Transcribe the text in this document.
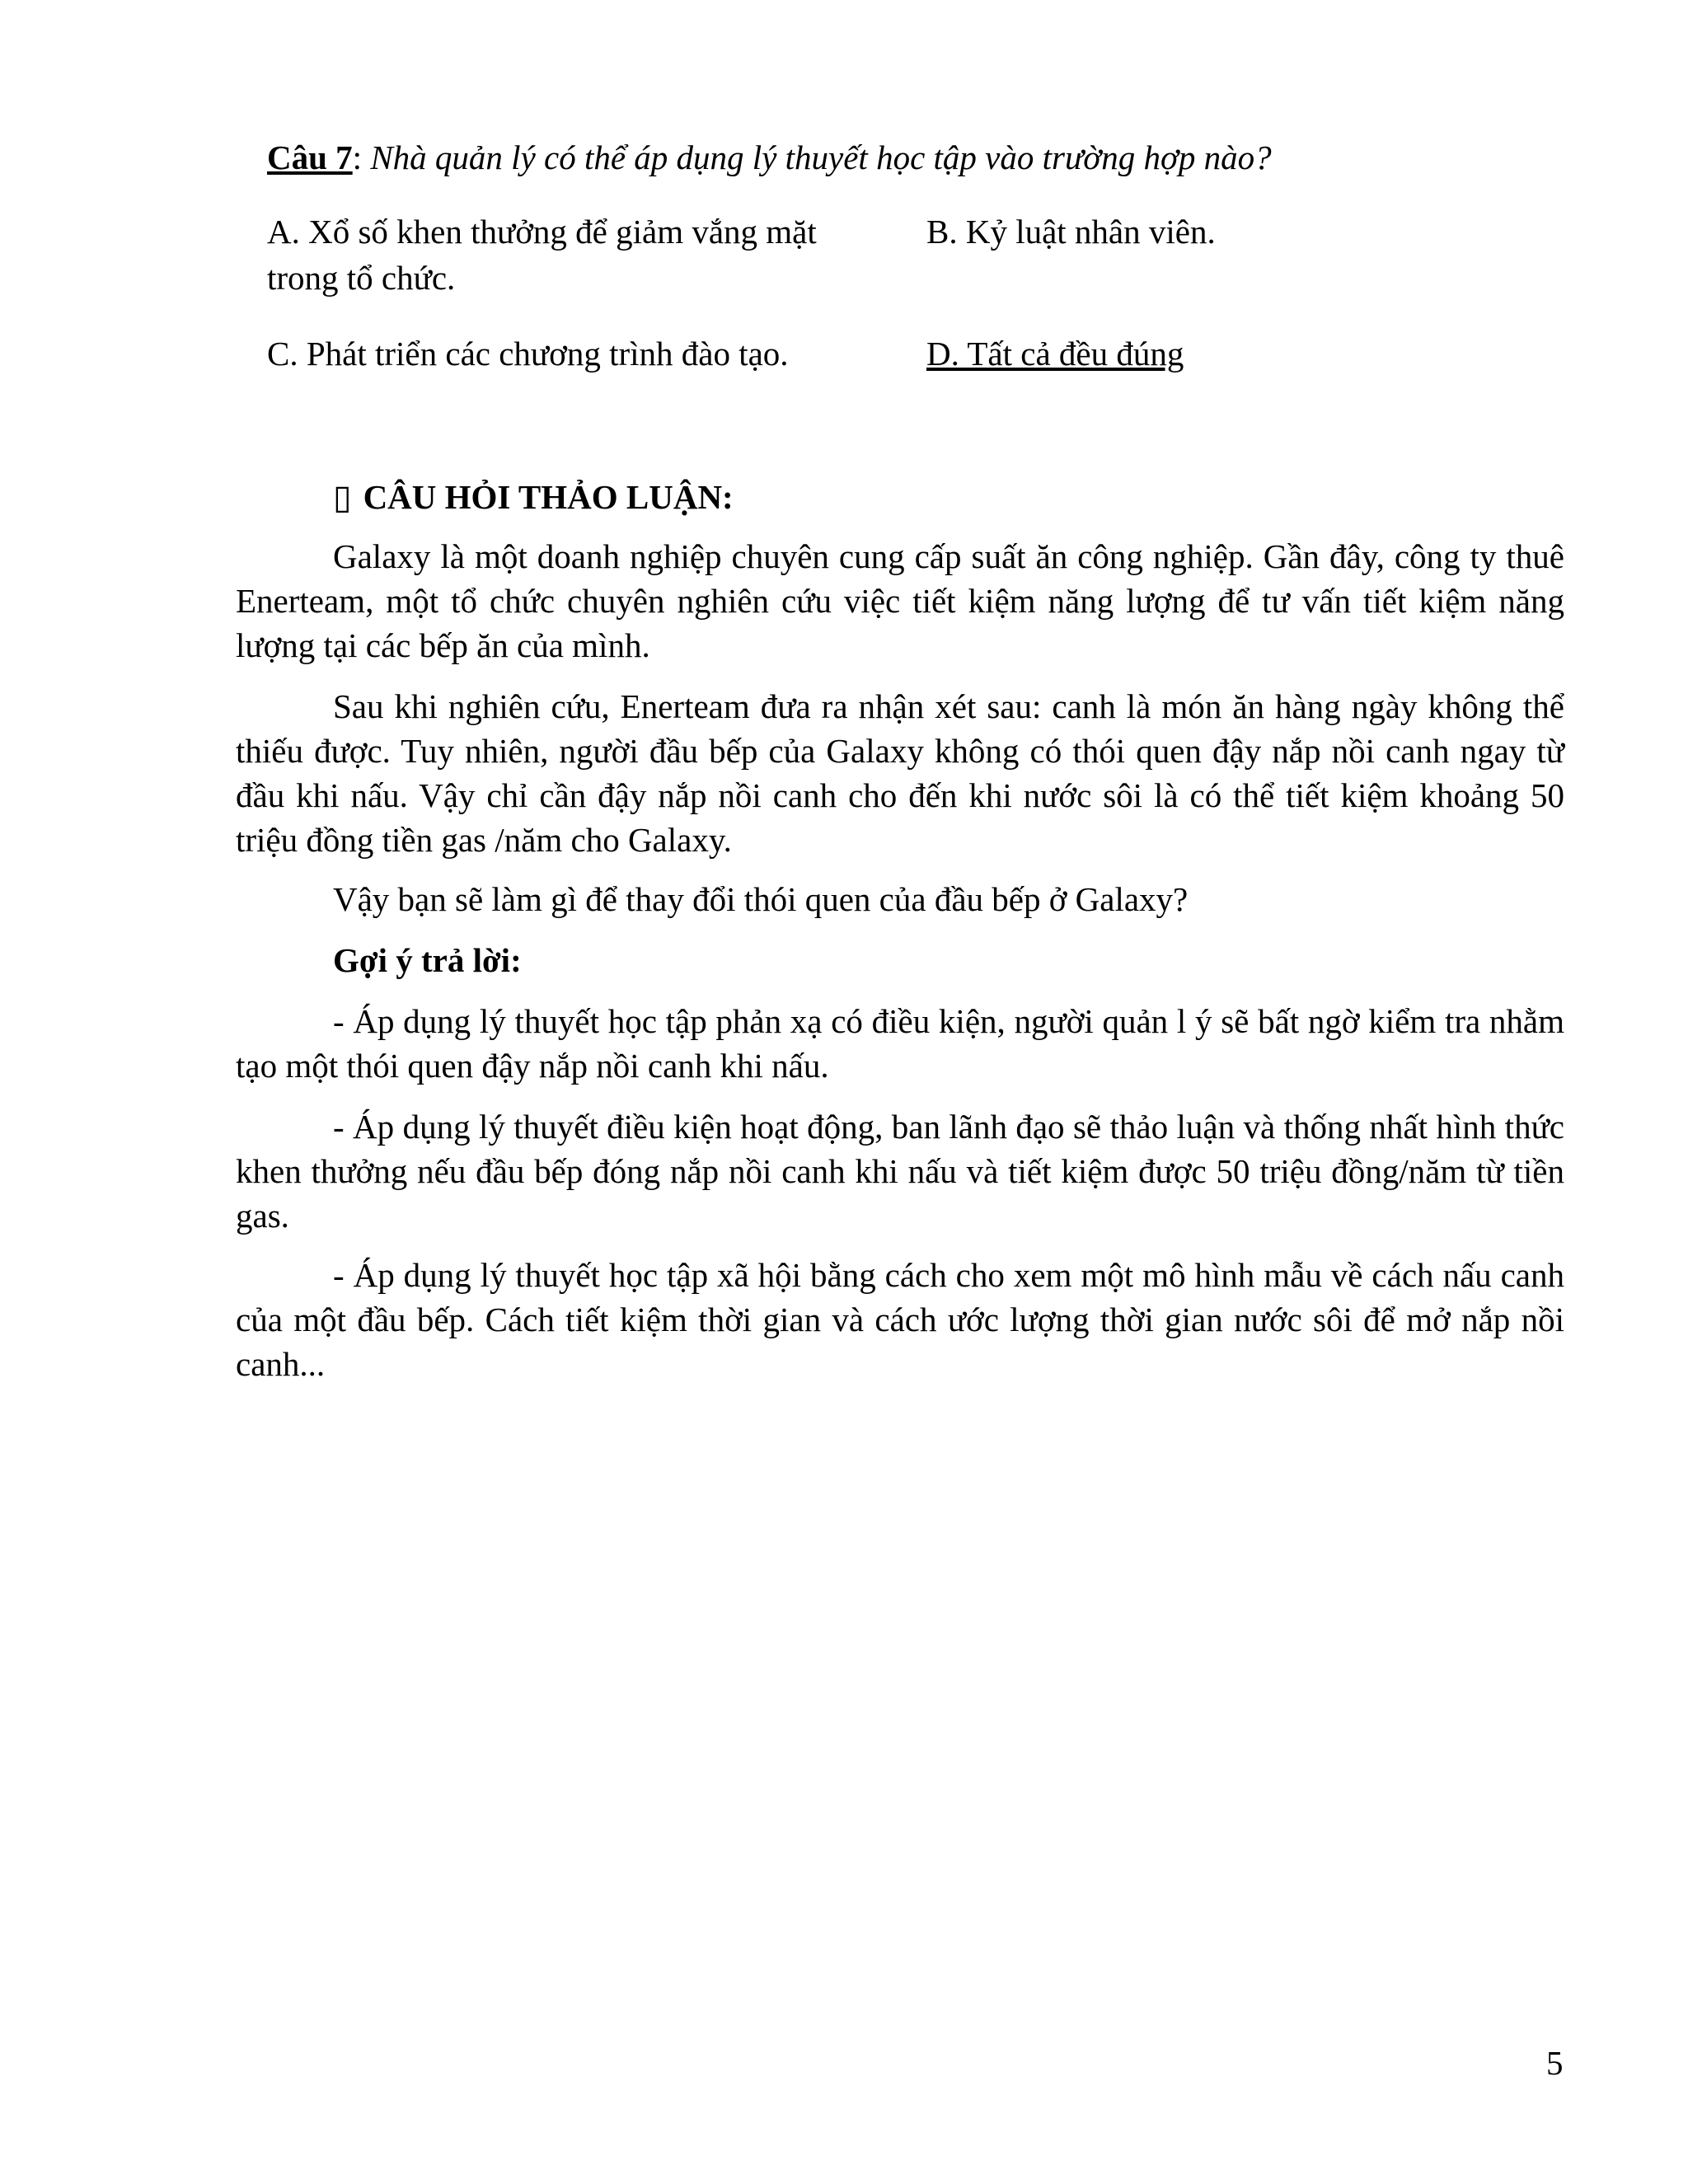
Câu 7: Nhà quản lý có thể áp dụng lý thuyết học tập vào trường hợp nào?
A. Xổ số khen thưởng để giảm vắng mặt	B. Kỷ luật nhân viên.
trong tổ chức.
C. Phát triển các chương trình đào tạo.	D. Tất cả đều đúng
▯ CÂU HỎI THẢO LUẬN:
Galaxy là một doanh nghiệp chuyên cung cấp suất ăn công nghiệp. Gần đây, công ty thuê Enerteam, một tổ chức chuyên nghiên cứu việc tiết kiệm năng lượng để tư vấn tiết kiệm năng lượng tại các bếp ăn của mình.
Sau khi nghiên cứu, Enerteam đưa ra nhận xét sau: canh là món ăn hàng ngày không thể thiếu được. Tuy nhiên, người đầu bếp của Galaxy không có thói quen đậy nắp nồi canh ngay từ đầu khi nấu. Vậy chỉ cần đậy nắp nồi canh cho đến khi nước sôi là có thể tiết kiệm khoảng 50 triệu đồng tiền gas /năm cho Galaxy.
Vậy bạn sẽ làm gì để thay đổi thói quen của đầu bếp ở Galaxy?
Gợi ý trả lời:
- Áp dụng lý thuyết học tập phản xạ có điều kiện, người quản l ý sẽ bất ngờ kiểm tra nhằm tạo một thói quen đậy nắp nồi canh khi nấu.
- Áp dụng lý thuyết điều kiện hoạt động, ban lãnh đạo sẽ thảo luận và thống nhất hình thức khen thưởng nếu đầu bếp đóng nắp nồi canh khi nấu và tiết kiệm được 50 triệu đồng/năm từ tiền gas.
- Áp dụng lý thuyết học tập xã hội bằng cách cho xem một mô hình mẫu về cách nấu canh của một đầu bếp. Cách tiết kiệm thời gian và cách ước lượng thời gian nước sôi để mở nắp nồi canh...
5
